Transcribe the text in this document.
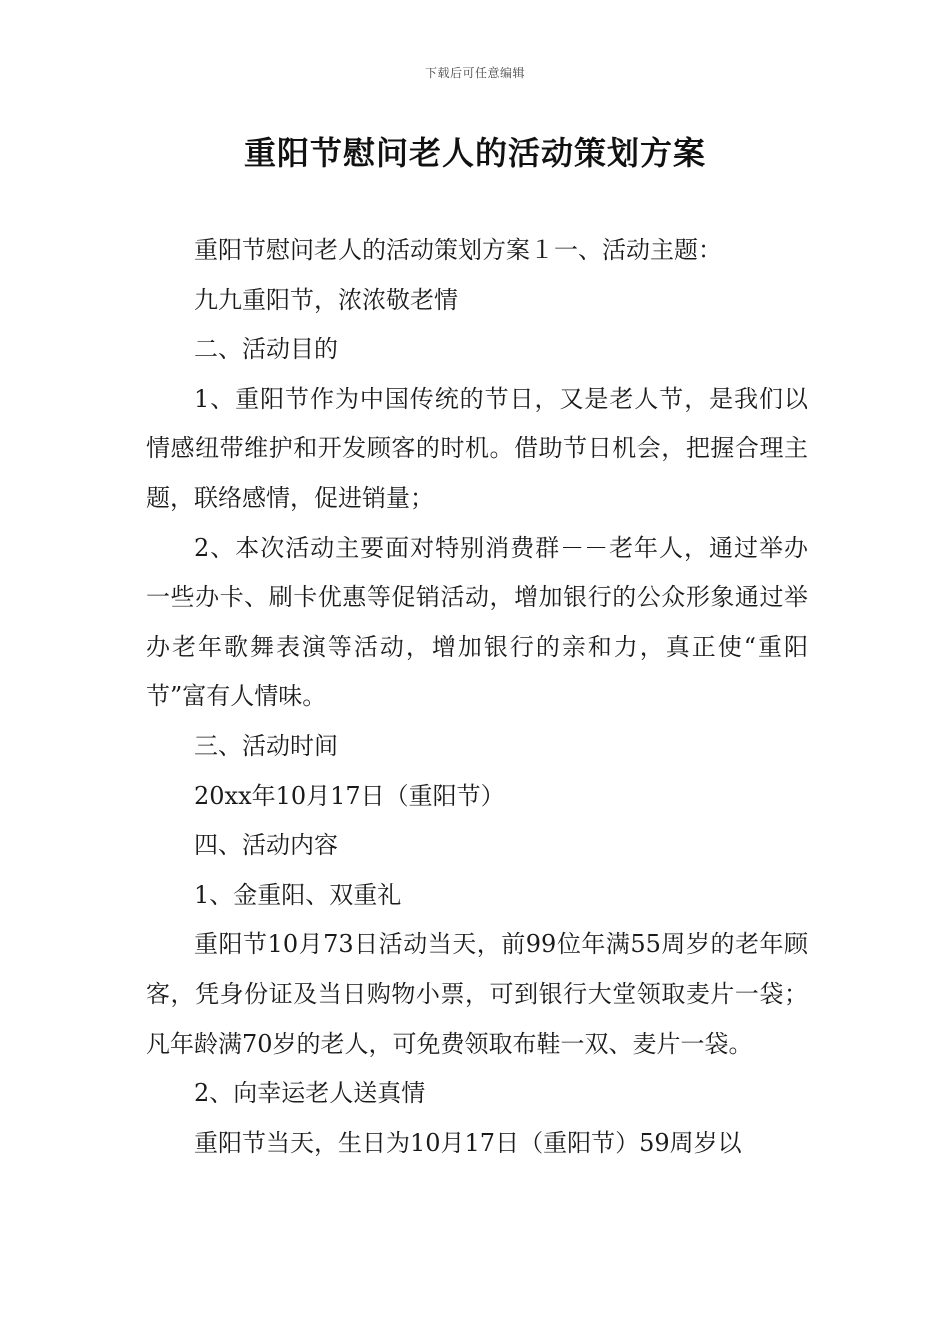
下载后可任意编辑
重阳节慰问老人的活动策划方案

重阳节慰问老人的活动策划方案１一、活动主题：

九九重阳节，浓浓敬老情

二、活动目的

1、重阳节作为中国传统的节日，又是老人节，是我们以情感纽带维护和开发顾客的时机。借助节日机会，把握合理主题，联络感情，促进销量；

2、本次活动主要面对特别消费群－－老年人，通过举办一些办卡、刷卡优惠等促销活动，增加银行的公众形象通过举办老年歌舞表演等活动，增加银行的亲和力，真正使“重阳节”富有人情味。

三、活动时间

20xx年10月17日（重阳节）

四、活动内容

1、金重阳、双重礼

重阳节10月73日活动当天，前99位年满55周岁的老年顾客，凭身份证及当日购物小票，可到银行大堂领取麦片一袋；凡年龄满70岁的老人，可免费领取布鞋一双、麦片一袋。

2、向幸运老人送真情

重阳节当天，生日为10月17日（重阳节）59周岁以
